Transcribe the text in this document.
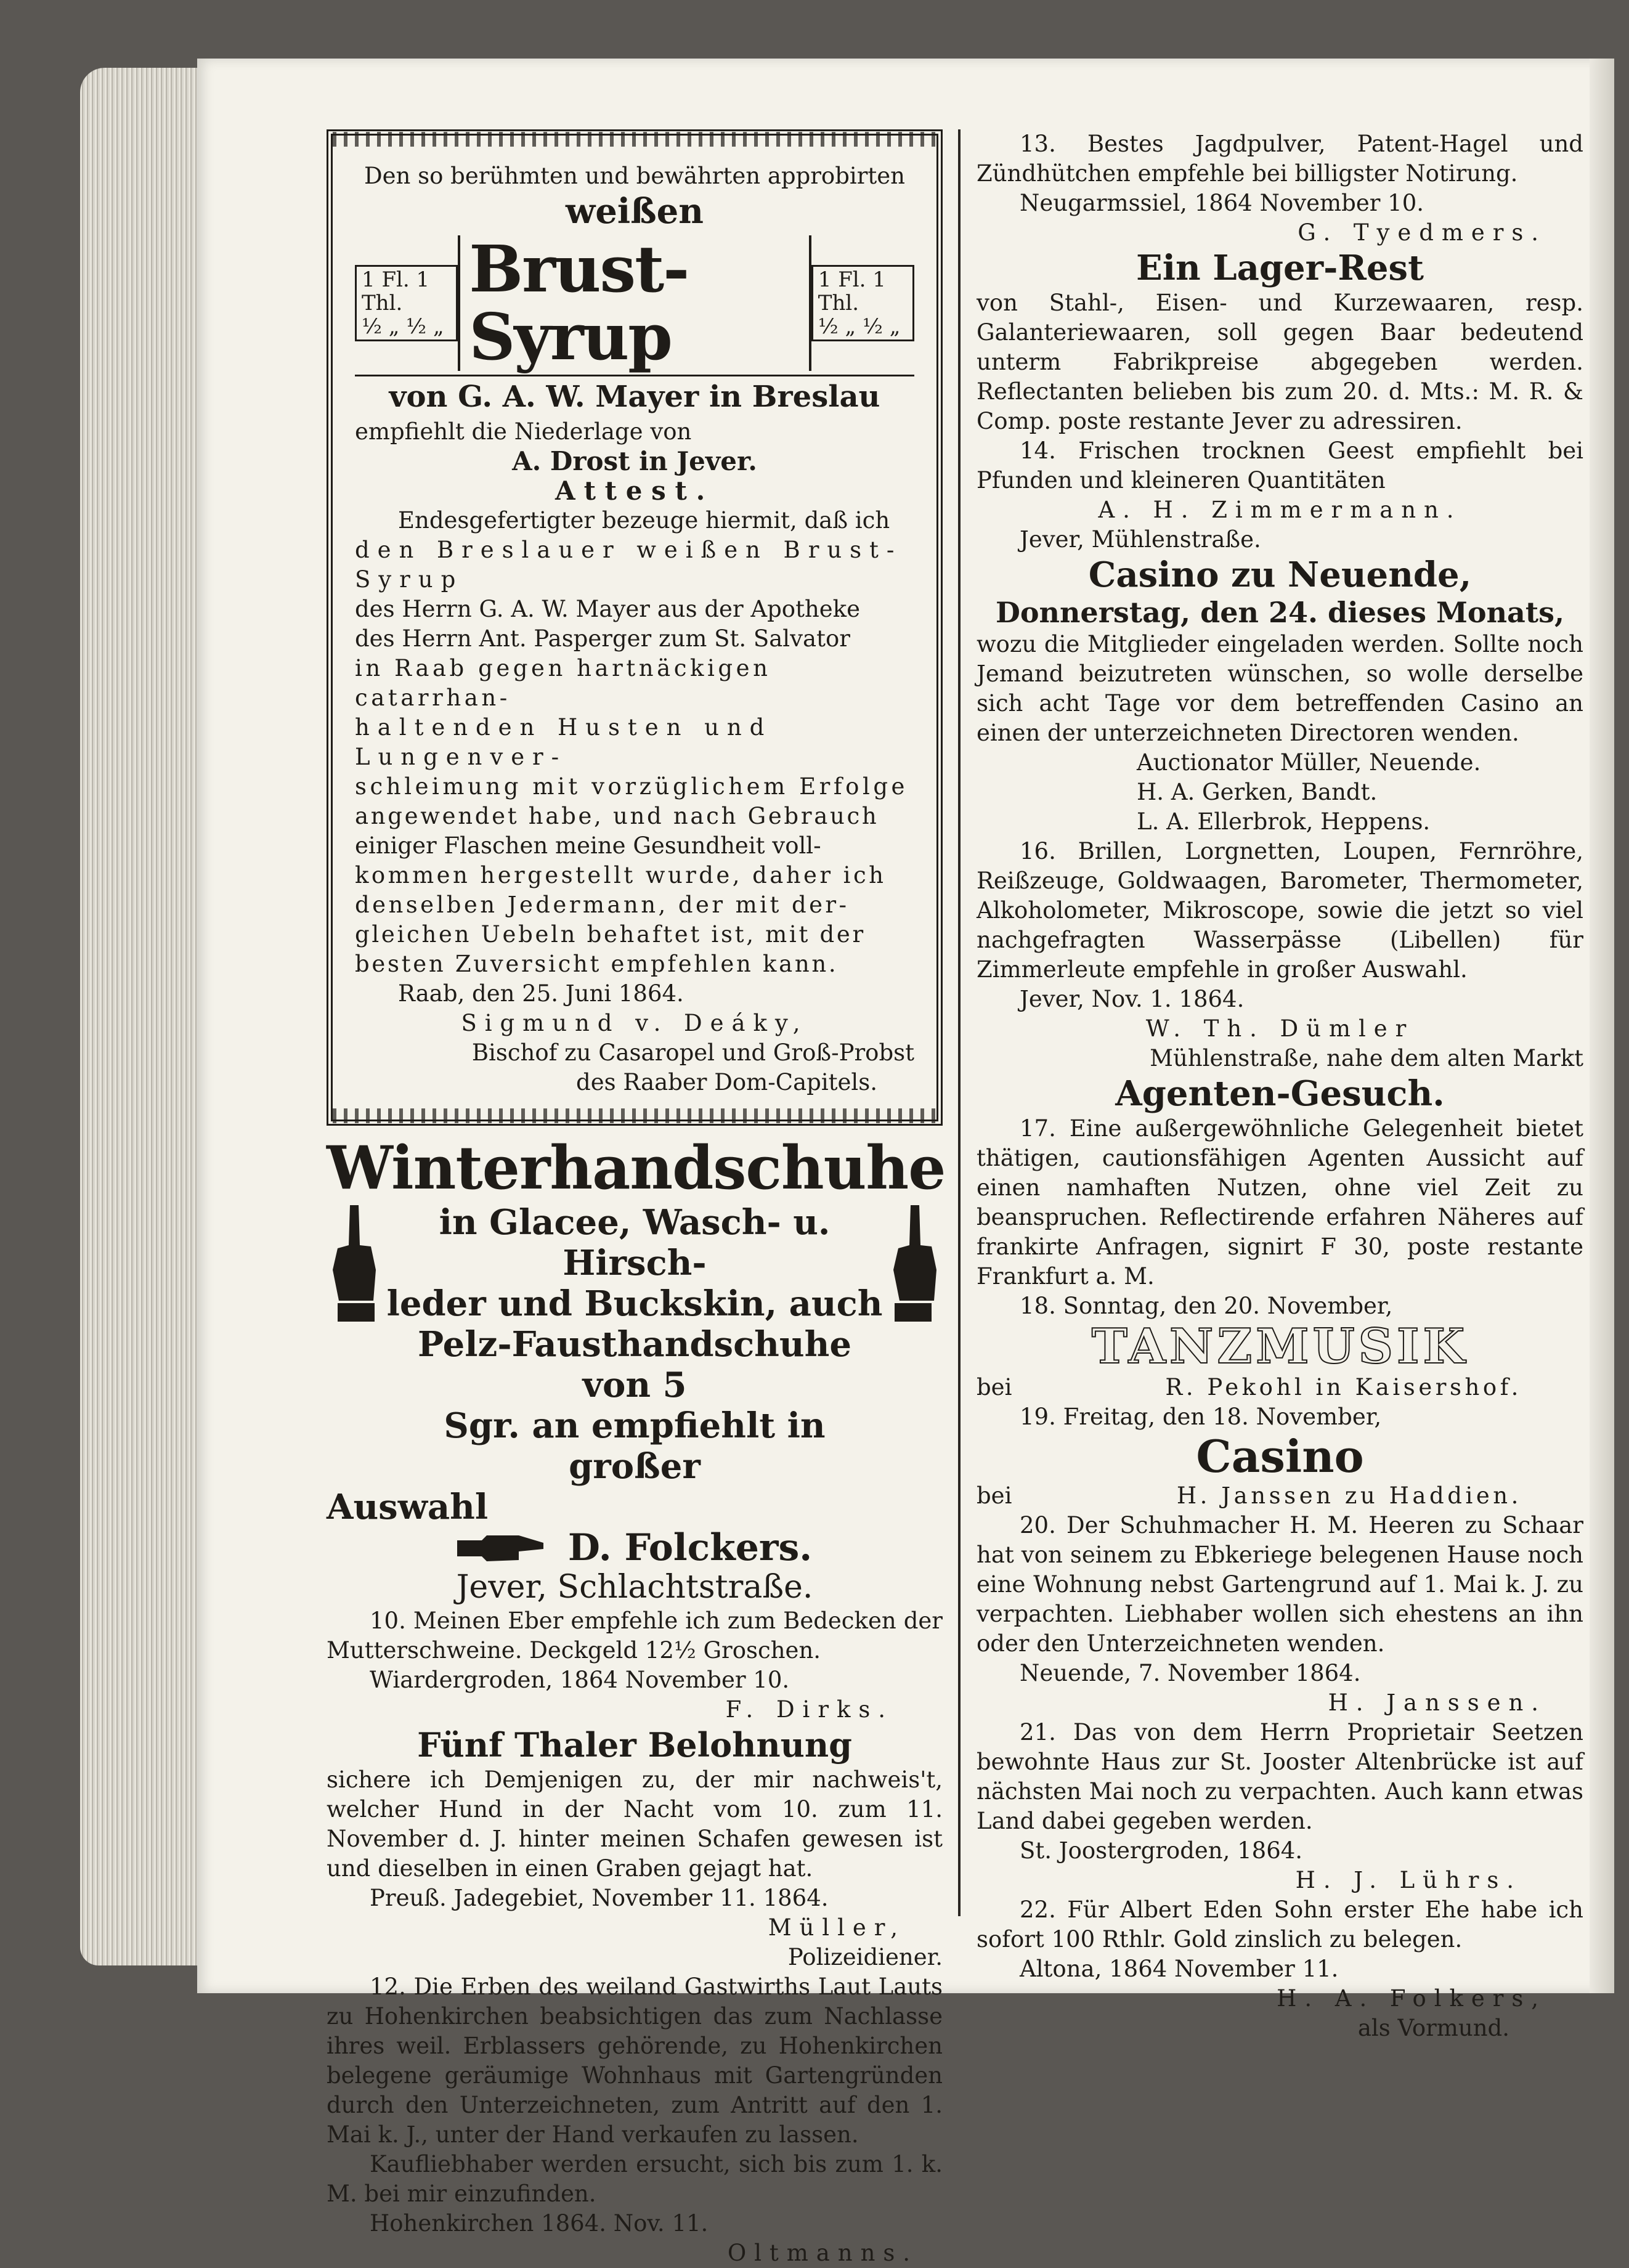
Den so berühmten und bewährten approbirten

weißen

1 Fl. 1 Thl.
½ „ ½ „
Brust-Syrup
1 Fl. 1 Thl.
½ „ ½ „

von G. A. W. Mayer in Breslau

empfiehlt die Niederlage von

A. Drost in Jever.

Attest.

Endesgefertigter bezeuge hiermit, daß ich

den Breslauer weißen Brust-Syrup

des Herrn G. A. W. Mayer aus der Apotheke

des Herrn Ant. Pasperger zum St. Salvator

in Raab gegen hartnäckigen catarrhan-

haltenden Husten und Lungenver-

schleimung mit vorzüglichem Erfolge

angewendet habe, und nach Gebrauch

einiger Flaschen meine Gesundheit voll-

kommen hergestellt wurde, daher ich

denselben Jedermann, der mit der-

gleichen Uebeln behaftet ist, mit der

besten Zuversicht empfehlen kann.

Raab, den 25. Juni 1864.

Sigmund v. Deáky,

Bischof zu Casaropel und Groß-Probst

des Raaber Dom-Capitels.

Winterhandschuhe
in Glacee, Wasch- u. Hirsch-
leder und Buckskin, auch
Pelz-Fausthandschuhe von 5
Sgr. an empfiehlt in großer

Auswahl

D. Folckers.

Jever, Schlachtstraße.

10. Meinen Eber empfehle ich zum Bedecken der Mutterschweine. Deckgeld 12½ Groschen.

Wiardergroden, 1864 November 10.

F. Dirks.

Fünf Thaler Belohnung

sichere ich Demjenigen zu, der mir nachweis't, welcher Hund in der Nacht vom 10. zum 11. November d. J. hinter meinen Schafen gewesen ist und dieselben in einen Graben gejagt hat.

Preuß. Jadegebiet, November 11. 1864.

Müller,

Polizeidiener.

12. Die Erben des weiland Gastwirths Laut Lauts zu Hohenkirchen beabsichtigen das zum Nachlasse ihres weil. Erblassers gehörende, zu Hohenkirchen belegene geräumige Wohnhaus mit Gartengründen durch den Unterzeichneten, zum Antritt auf den 1. Mai k. J., unter der Hand verkaufen zu lassen.

Kaufliebhaber werden ersucht, sich bis zum 1. k. M. bei mir einzufinden.

Hohenkirchen 1864. Nov. 11.

Oltmanns.

13. Bestes Jagdpulver, Patent-Hagel und Zündhütchen empfehle bei billigster Notirung.

Neugarmssiel, 1864 November 10.

G. Tyedmers.

Ein Lager-Rest

von Stahl-, Eisen- und Kurzewaaren, resp. Galanteriewaaren, soll gegen Baar bedeutend unterm Fabrikpreise abgegeben werden. Reflectanten belieben bis zum 20. d. Mts.: M. R. & Comp. poste restante Jever zu adressiren.

14. Frischen trocknen Geest empfiehlt bei Pfunden und kleineren Quantitäten

A. H. Zimmermann.

Jever, Mühlenstraße.

Casino zu Neuende,

Donnerstag, den 24. dieses Monats,

wozu die Mitglieder eingeladen werden. Sollte noch Jemand beizutreten wünschen, so wolle derselbe sich acht Tage vor dem betreffenden Casino an einen der unterzeichneten Directoren wenden.

Auctionator Müller, Neuende.

H. A. Gerken, Bandt.

L. A. Ellerbrok, Heppens.

16. Brillen, Lorgnetten, Loupen, Fernröhre, Reißzeuge, Goldwaagen, Barometer, Thermometer, Alkoholometer, Mikroscope, sowie die jetzt so viel nachgefragten Wasserpässe (Libellen) für Zimmerleute empfehle in großer Auswahl.

Jever, Nov. 1. 1864.

W. Th. Dümler

Mühlenstraße, nahe dem alten Markt

Agenten-Gesuch.

17. Eine außergewöhnliche Gelegenheit bietet thätigen, cautionsfähigen Agenten Aussicht auf einen namhaften Nutzen, ohne viel Zeit zu beanspruchen. Reflectirende erfahren Näheres auf frankirte Anfragen, signirt F 30, poste restante Frankfurt a. M.

18. Sonntag, den 20. November,

TANZMUSIK

bei	R. Pekohl in Kaisershof.

19. Freitag, den 18. November,

Casino

bei	H. Janssen zu Haddien.

20. Der Schuhmacher H. M. Heeren zu Schaar hat von seinem zu Ebkeriege belegenen Hause noch eine Wohnung nebst Gartengrund auf 1. Mai k. J. zu verpachten. Liebhaber wollen sich ehestens an ihn oder den Unterzeichneten wenden.

Neuende, 7. November 1864.

H. Janssen.

21. Das von dem Herrn Proprietair Seetzen bewohnte Haus zur St. Jooster Altenbrücke ist auf nächsten Mai noch zu verpachten. Auch kann etwas Land dabei gegeben werden.

St. Joostergroden, 1864.

H. J. Lührs.

22. Für Albert Eden Sohn erster Ehe habe ich sofort 100 Rthlr. Gold zinslich zu belegen.

Altona, 1864 November 11.

H. A. Folkers,

als Vormund.
